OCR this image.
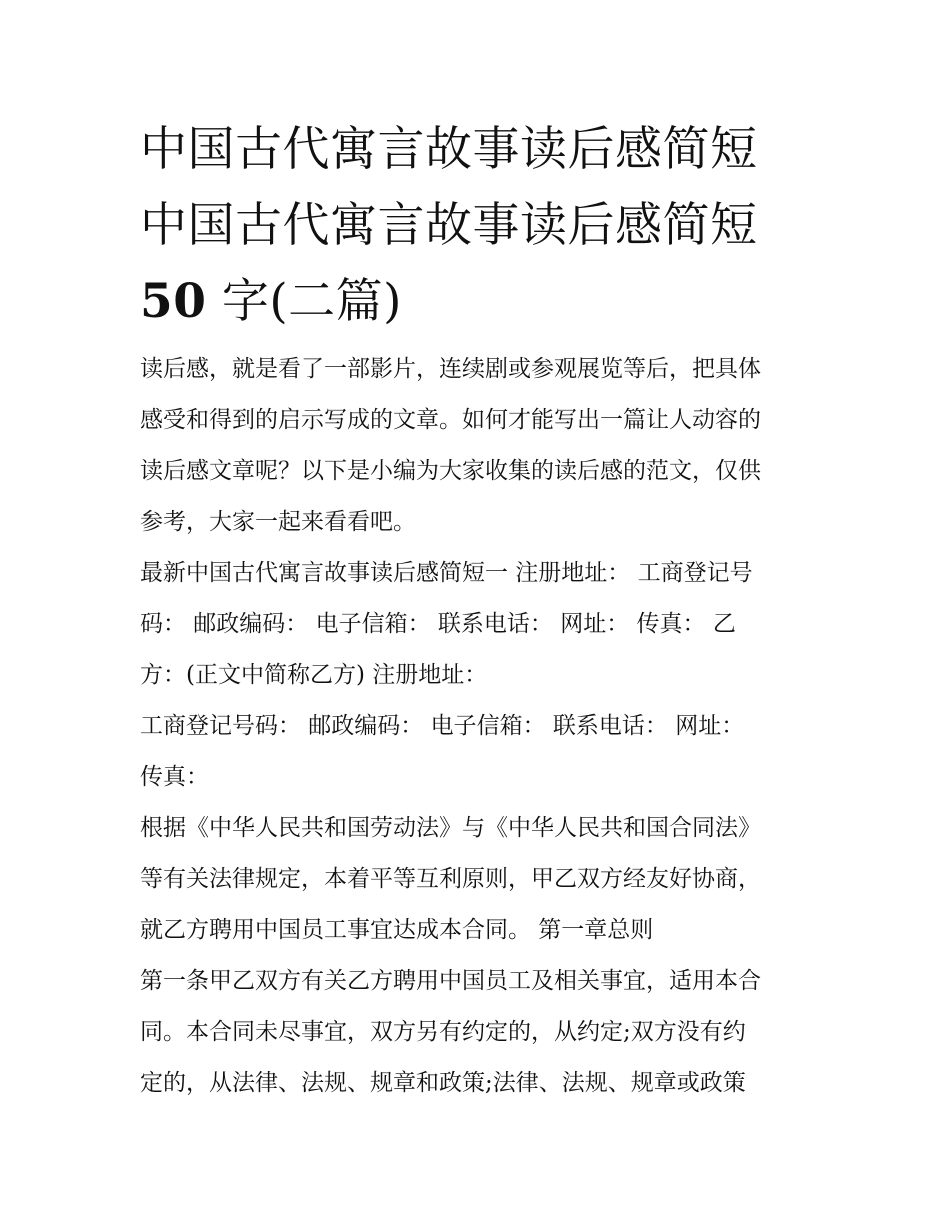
中国古代寓言故事读后感简短
中国古代寓言故事读后感简短
50 字(二篇)

读后感，就是看了一部影片，连续剧或参观展览等后，把具体
感受和得到的启示写成的文章。如何才能写出一篇让人动容的
读后感文章呢？以下是小编为大家收集的读后感的范文，仅供
参考，大家一起来看看吧。

最新中国古代寓言故事读后感简短一 注册地址： 工商登记号
码： 邮政编码： 电子信箱： 联系电话： 网址： 传真： 乙
方：(正文中简称乙方) 注册地址：

工商登记号码： 邮政编码： 电子信箱： 联系电话： 网址：
传真：

根据《中华人民共和国劳动法》与《中华人民共和国合同法》
等有关法律规定，本着平等互利原则，甲乙双方经友好协商，
就乙方聘用中国员工事宜达成本合同。 第一章总则

第一条甲乙双方有关乙方聘用中国员工及相关事宜，适用本合
同。本合同未尽事宜，双方另有约定的，从约定;双方没有约
定的，从法律、法规、规章和政策;法律、法规、规章或政策
